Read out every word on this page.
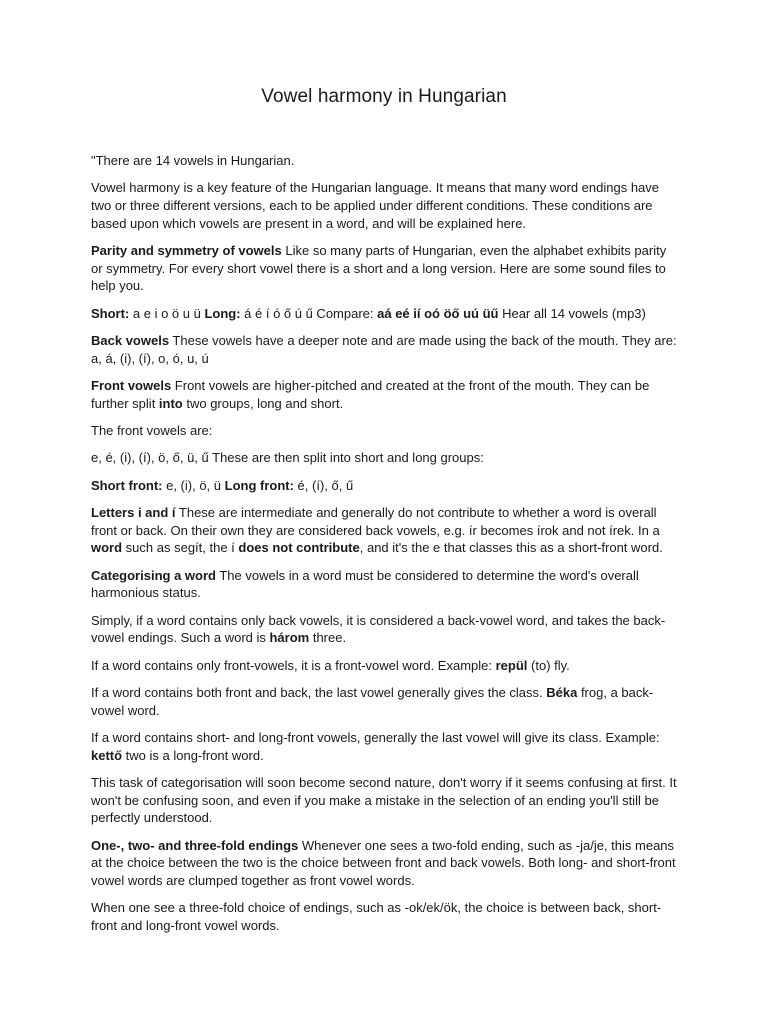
Vowel harmony in Hungarian

"There are 14 vowels in Hungarian.

Vowel harmony is a key feature of the Hungarian language. It means that many word endings have two or three different versions, each to be applied under different conditions. These conditions are based upon which vowels are present in a word, and will be explained here.

Parity and symmetry of vowels Like so many parts of Hungarian, even the alphabet exhibits parity or symmetry. For every short vowel there is a short and a long version. Here are some sound files to help you.

Short: a e i o ö u ü Long: á é í ó ő ú ű Compare: aá eé ií oó öő uú üű Hear all 14 vowels (mp3)

Back vowels These vowels have a deeper note and are made using the back of the mouth. They are: a, á, (i), (í), o, ó, u, ú

Front vowels Front vowels are higher-pitched and created at the front of the mouth. They can be further split into two groups, long and short.

The front vowels are:

e, é, (i), (í), ö, ő, ü, ű These are then split into short and long groups:

Short front: e, (i), ö, ü Long front: é, (í), ő, ű

Letters i and í These are intermediate and generally do not contribute to whether a word is overall front or back. On their own they are considered back vowels, e.g. ír becomes írok and not írek. In a word such as segít, the í does not contribute, and it's the e that classes this as a short-front word.

Categorising a word The vowels in a word must be considered to determine the word's overall harmonious status.

Simply, if a word contains only back vowels, it is considered a back-vowel word, and takes the back-vowel endings. Such a word is három three.

If a word contains only front-vowels, it is a front-vowel word. Example: repül (to) fly.

If a word contains both front and back, the last vowel generally gives the class. Béka frog, a back-vowel word.

If a word contains short- and long-front vowels, generally the last vowel will give its class. Example: kettő two is a long-front word.

This task of categorisation will soon become second nature, don't worry if it seems confusing at first. It won't be confusing soon, and even if you make a mistake in the selection of an ending you'll still be perfectly understood.

One-, two- and three-fold endings Whenever one sees a two-fold ending, such as -ja/je, this means at the choice between the two is the choice between front and back vowels. Both long- and short-front vowel words are clumped together as front vowel words.

When one see a three-fold choice of endings, such as -ok/ek/ök, the choice is between back, short-front and long-front vowel words.
